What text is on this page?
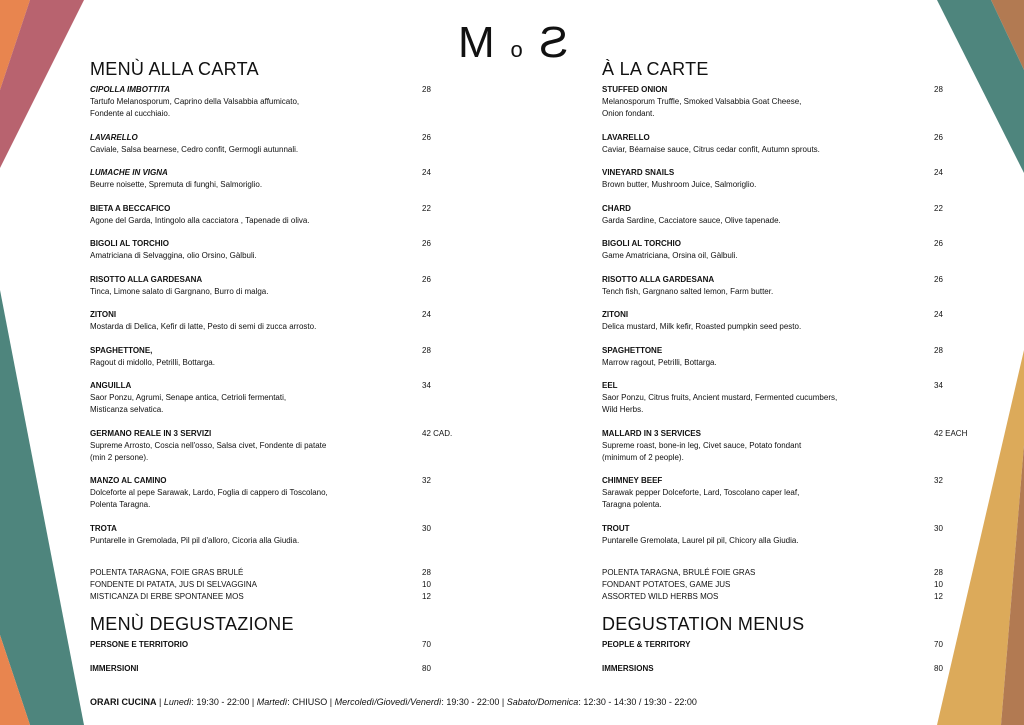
M o S
MENÙ ALLA CARTA
CIPOLLA IMBOTTITA	28
Tartufo Melanosporum, Caprino della Valsabbia affumicato,
Fondente al cucchiaio.
LAVARELLO	26
Caviale, Salsa bearnese, Cedro confit, Germogli autunnali.
LUMACHE IN VIGNA	24
Beurre noisette, Spremuta di funghi, Salmoriglio.
BIETA A BECCAFICO	22
Agone del Garda, Intingolo alla cacciatora , Tapenade di oliva.
BIGOLI AL TORCHIO	26
Amatriciana di Selvaggina, olio Orsino, Gàlbuli.
RISOTTO ALLA GARDESANA	26
Tinca, Limone salato di Gargnano, Burro di malga.
ZITONI	24
Mostarda di Delica, Kefir di latte, Pesto di semi di zucca arrosto.
SPAGHETTONE,	28
Ragout di midollo, Petrilli, Bottarga.
ANGUILLA	34
Saor Ponzu, Agrumi, Senape antica, Cetrioli fermentati,
Misticanza selvatica.
GERMANO REALE IN 3 SERVIZI	42 CAD.
Supreme Arrosto, Coscia nell'osso, Salsa civet, Fondente di patate
(min 2 persone).
MANZO AL CAMINO	32
Dolceforte al pepe Sarawak, Lardo, Foglia di cappero di Toscolano,
Polenta Taragna.
TROTA	30
Puntarelle in Gremolada, Pil pil d'alloro, Cicoria alla Giudia.
À LA CARTE
STUFFED ONION	28
Melanosporum Truffle, Smoked Valsabbia Goat Cheese,
Onion fondant.
LAVARELLO	26
Caviar, Béarnaise sauce, Citrus cedar confit, Autumn sprouts.
VINEYARD SNAILS	24
Brown butter, Mushroom Juice, Salmoriglio.
CHARD	22
Garda Sardine, Cacciatore sauce, Olive tapenade.
BIGOLI AL TORCHIO	26
Game Amatriciana, Orsina oil, Gàlbuli.
RISOTTO ALLA GARDESANA	26
Tench fish, Gargnano salted lemon, Farm butter.
ZITONI	24
Delica mustard, Milk kefir, Roasted pumpkin seed pesto.
SPAGHETTONE	28
Marrow ragout, Petrilli, Bottarga.
EEL	34
Saor Ponzu, Citrus fruits, Ancient mustard, Fermented cucumbers,
Wild Herbs.
MALLARD IN 3 SERVICES	42 EACH
Supreme roast, bone-in leg, Civet sauce, Potato fondant
(minimum of 2 people).
CHIMNEY BEEF	32
Sarawak pepper Dolceforte, Lard, Toscolano caper leaf,
Taragna polenta.
TROUT	30
Puntarelle Gremolata, Laurel pil pil, Chicory alla Giudia.
POLENTA TARAGNA, FOIE GRAS BRULÉ	28
FONDENTE DI PATATA, JUS DI SELVAGGINA	10
MISTICANZA DI ERBE SPONTANEE MOS	12
POLENTA TARAGNA, BRULÉ FOIE GRAS	28
FONDANT POTATOES, GAME JUS	10
ASSORTED WILD HERBS MOS	12
MENÙ DEGUSTAZIONE
PERSONE E TERRITORIO	70
IMMERSIONI	80
DEGUSTATION MENUS
PEOPLE & TERRITORY	70
IMMERSIONS	80
ORARI CUCINA | Lunedì: 19:30 - 22:00 | Martedì: CHIUSO | Mercoledì/Giovedì/Venerdì: 19:30 - 22:00 | Sabato/Domenica: 12:30 - 14:30 / 19:30 - 22:00
